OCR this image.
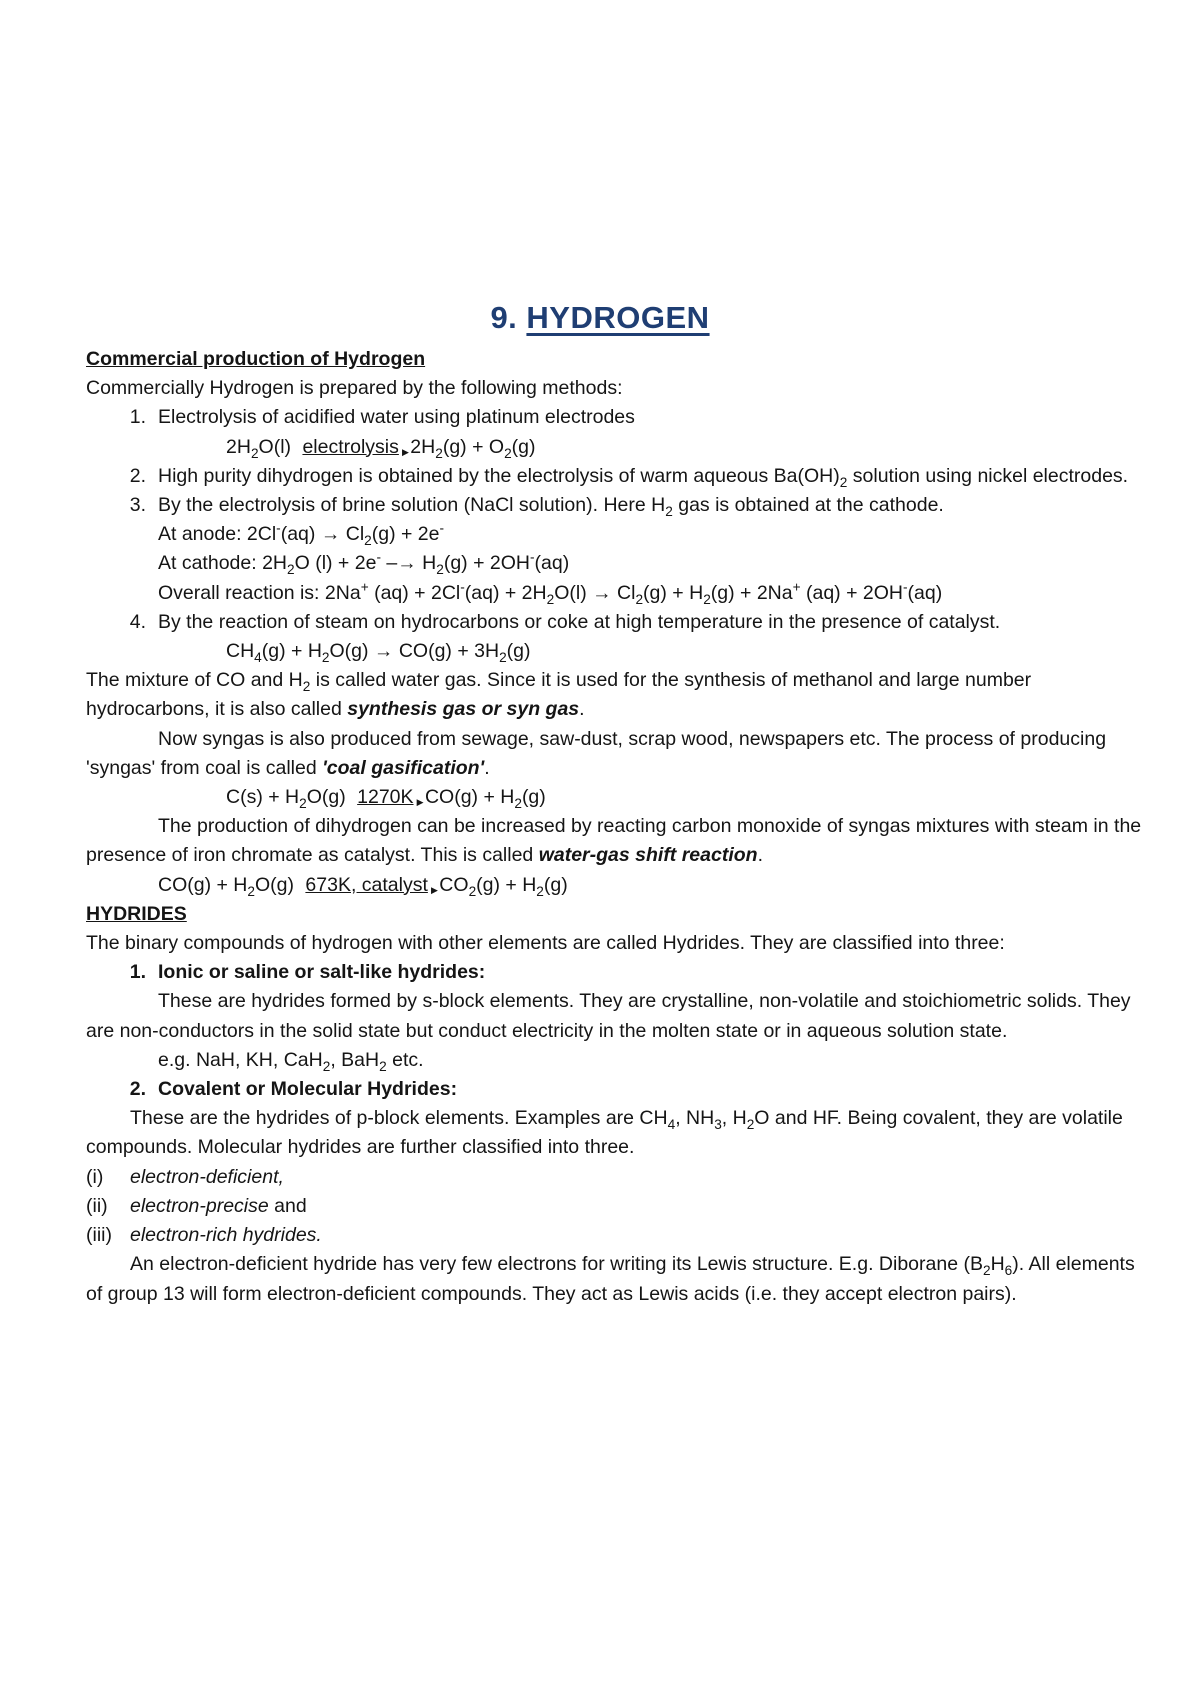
9. HYDROGEN

Commercial production of Hydrogen

Commercially Hydrogen is prepared by the following methods:

1. Electrolysis of acidified water using platinum electrodes

$2H_2O(l)$ electrolysis ▶ $2H_2(g) + O_2(g)$

2. High purity dihydrogen is obtained by the electrolysis of warm aqueous $Ba(OH)_2$ solution using nickel electrodes.
3. By the electrolysis of brine solution (NaCl solution). Here $H_2$ gas is obtained at the cathode.

At anode: $2Cl^-(aq) \to Cl_2(g) + 2e^-$

At cathode: $2H_2O$ $(l) + 2e^- -\to H_2(g) + 2OH^-(aq)$

Overall reaction is: 2Na+ $(aq) + 2Cl^-(aq) + 2H_2O(l) \to Cl_2(g) + H_2(g) + 2Na^+$ (aq) + 2OH-(aq)

4. By the reaction of steam on hydrocarbons or coke at high temperature in the presence of catalyst.

$CH_4(g) + H_2O(g) \to CO(g) + 3H_2(g)$

The mixture of CO and $H_2$ is called water gas. Since it is used for the synthesis of methanol and large number hydrocarbons, it is also called synthesis gas or syn gas.

Now syngas is also produced from sewage, saw-dust, scrap wood, newspapers etc. The process of producing 'syngas' from coal is called 'coal gasification'.

$C(s) + H_2O(g)$ 1270K ▶ $CO(g) + H_2(g)$

The production of dihydrogen can be increased by reacting carbon monoxide of syngas mixtures with steam in the presence of iron chromate as catalyst. This is called water-gas shift reaction.

$CO(g) + H_2O(g)$ 673K, catalyst ▶ $CO_2(g) + H_2(g)$

HYDRIDES

The binary compounds of hydrogen with other elements are called Hydrides. They are classified into three:

1. Ionic or saline or salt-like hydrides:

These are hydrides formed by s-block elements. They are crystalline, non-volatile and stoichiometric solids. They are non-conductors in the solid state but conduct electricity in the molten state or in aqueous solution state.

e.g. NaH, KH, CaH$_2$, BaH$_2$ etc.

2. Covalent or Molecular Hydrides:

These are the hydrides of p-block elements. Examples are $CH_4$, $NH_3$, $H_2O$ and HF. Being covalent, they are volatile compounds. Molecular hydrides are further classified into three.

(i)	electron-deficient,
(ii)	electron-precise and
(iii) electron-rich hydrides.

An electron-deficient hydride has very few electrons for writing its Lewis structure. E.g. Diborane $(B_2H_6)$. All elements of group 13 will form electron-deficient compounds. They act as Lewis acids (i.e. they accept electron pairs).
